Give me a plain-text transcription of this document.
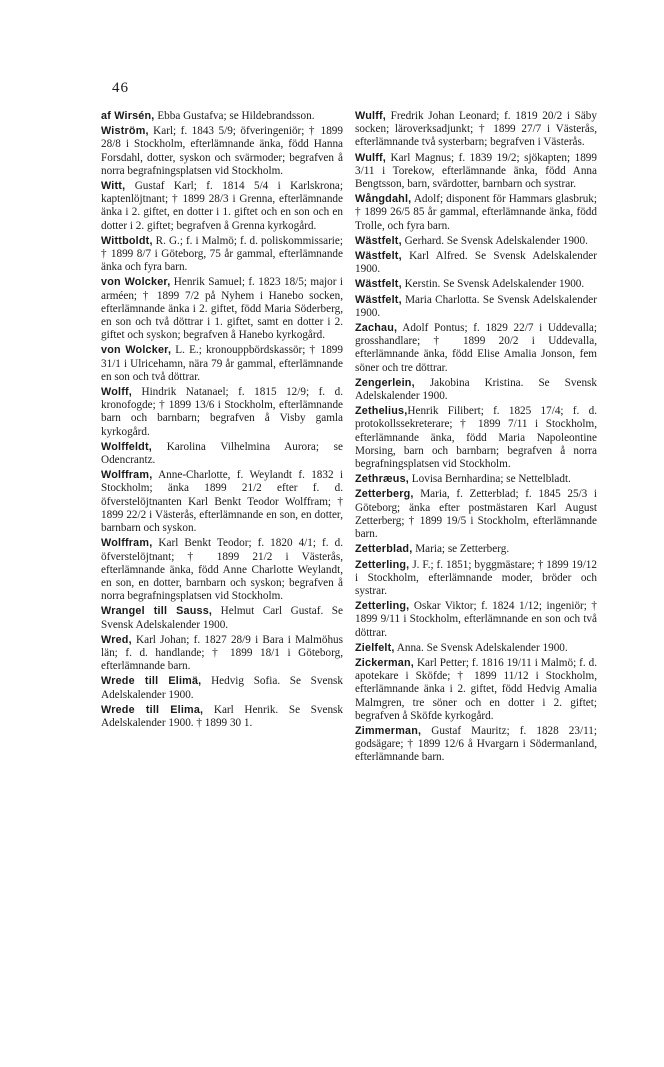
46

af Wirsén, Ebba Gustafva; se Hildebrandsson.

Wiström, Karl; f. 1843 5/9; öfveringeniör; † 1899 28/8 i Stockholm, efterlämnande änka, född Hanna Forsdahl, dotter, syskon och svärmoder; begrafven å norra begrafningsplatsen vid Stockholm.

Witt, Gustaf Karl; f. 1814 5/4 i Karlskrona; kaptenlöjtnant; † 1899 28/3 i Grenna, efterlämnande änka i 2. giftet, en dotter i 1. giftet och en son och en dotter i 2. giftet; begrafven å Grenna kyrkogård.

Wittboldt, R. G.; f. i Malmö; f. d. poliskommissarie; † 1899 8/7 i Göteborg, 75 år gammal, efterlämnande änka och fyra barn.

von Wolcker, Henrik Samuel; f. 1823 18/5; major i arméen; † 1899 7/2 på Nyhem i Hanebo socken, efterlämnande änka i 2. giftet, född Maria Söderberg, en son och två döttrar i 1. giftet, samt en dotter i 2. giftet och syskon; begrafven å Hanebo kyrkogård.

von Wolcker, L. E.; kronouppbördskassör; † 1899 31/1 i Ulricehamn, nära 79 år gammal, efterlämnande en son och två döttrar.

Wolff, Hindrik Natanael; f. 1815 12/9; f. d. kronofogde; † 1899 13/6 i Stockholm, efterlämnande barn och barnbarn; begrafven å Visby gamla kyrkogård.

Wolffeldt, Karolina Vilhelmina Aurora; se Odencrantz.

Wolffram, Anne-Charlotte, f. Weylandt f. 1832 i Stockholm; änka 1899 21/2 efter f. d. öfverstelöjtnanten Karl Benkt Teodor Wolffram; † 1899 22/2 i Västerås, efterlämnande en son, en dotter, barnbarn och syskon.

Wolffram, Karl Benkt Teodor; f. 1820 4/1; f. d. öfverstelöjtnant; † 1899 21/2 i Västerås, efterlämnande änka, född Anne Charlotte Weylandt, en son, en dotter, barnbarn och syskon; begrafven å norra begrafningsplatsen vid Stockholm.

Wrangel till Sauss, Helmut Carl Gustaf. Se Svensk Adelskalender 1900.

Wred, Karl Johan; f. 1827 28/9 i Bara i Malmöhus län; f. d. handlande; † 1899 18/1 i Göteborg, efterlämnande barn.

Wrede till Elimä, Hedvig Sofia. Se Svensk Adelskalender 1900.

Wrede till Elima, Karl Henrik. Se Svensk Adelskalender 1900. † 1899 30 1.

Wulff, Fredrik Johan Leonard; f. 1819 20/2 i Säby socken; läroverksadjunkt; † 1899 27/7 i Västerås, efterlämnande två systerbarn; begrafven i Västerås.

Wulff, Karl Magnus; f. 1839 19/2; sjökapten; 1899 3/11 i Torekow, efterlämnande änka, född Anna Bengtsson, barn, svärdotter, barnbarn och systrar.

Wångdahl, Adolf; disponent för Hammars glasbruk; † 1899 26/5 85 år gammal, efterlämnande änka, född Trolle, och fyra barn.

Wästfelt, Gerhard. Se Svensk Adelskalender 1900.

Wästfelt, Karl Alfred. Se Svensk Adelskalender 1900.

Wästfelt, Kerstin. Se Svensk Adelskalender 1900.

Wästfelt, Maria Charlotta. Se Svensk Adelskalender 1900.

Zachau, Adolf Pontus; f. 1829 22/7 i Uddevalla; grosshandlare; † 1899 20/2 i Uddevalla, efterlämnande änka, född Elise Amalia Jonson, fem söner och tre döttrar.

Zengerlein, Jakobina Kristina. Se Svensk Adelskalender 1900.

Zethelius,Henrik Filibert; f. 1825 17/4; f. d. protokollssekreterare; † 1899 7/11 i Stockholm, efterlämnande änka, född Maria Napoleontine Morsing, barn och barnbarn; begrafven å norra begrafningsplatsen vid Stockholm.

Zethræus, Lovisa Bernhardina; se Nettelbladt.

Zetterberg, Maria, f. Zetterblad; f. 1845 25/3 i Göteborg; änka efter postmästaren Karl August Zetterberg; † 1899 19/5 i Stockholm, efterlämnande barn.

Zetterblad, Maria; se Zetterberg.

Zetterling, J. F.; f. 1851; byggmästare; † 1899 19/12 i Stockholm, efterlämnande moder, bröder och systrar.

Zetterling, Oskar Viktor; f. 1824 1/12; ingeniör; † 1899 9/11 i Stockholm, efterlämnande en son och två döttrar.

Zielfelt, Anna. Se Svensk Adelskalender 1900.

Zickerman, Karl Petter; f. 1816 19/11 i Malmö; f. d. apotekare i Sköfde; † 1899 11/12 i Stockholm, efterlämnande änka i 2. giftet, född Hedvig Amalia Malmgren, tre söner och en dotter i 2. giftet; begrafven å Sköfde kyrkogård.

Zimmerman, Gustaf Mauritz; f. 1828 23/11; godsägare; † 1899 12/6 å Hvargarn i Södermanland, efterlämnande barn.
